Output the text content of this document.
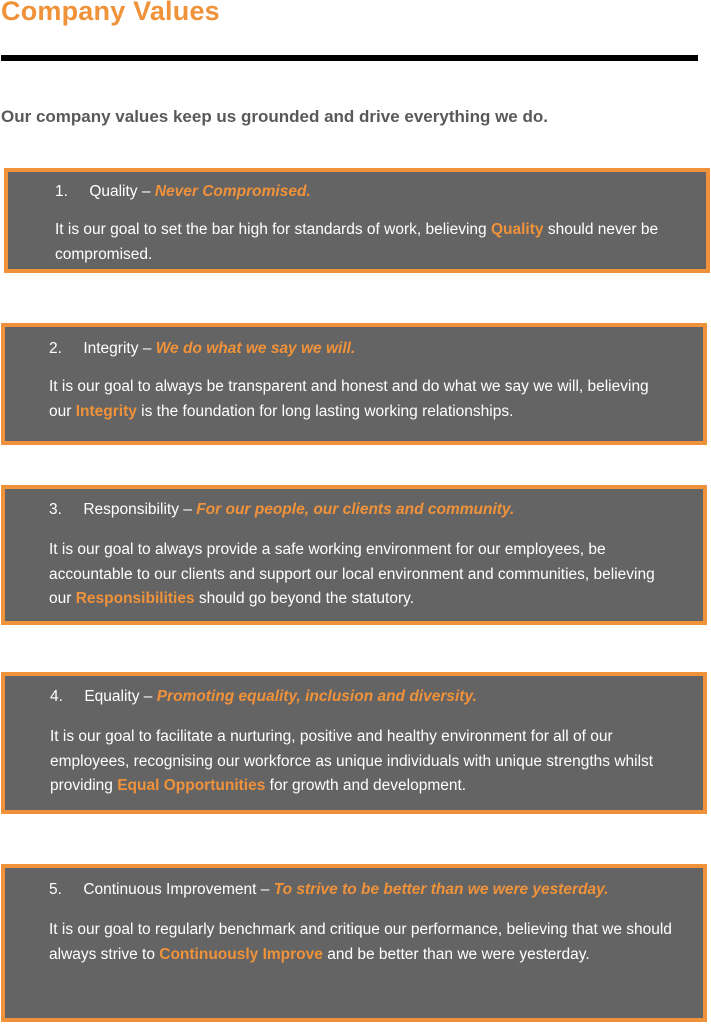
Company Values
Our company values keep us grounded and drive everything we do.
1. Quality – Never Compromised.
It is our goal to set the bar high for standards of work, believing Quality should never be compromised.
2. Integrity – We do what we say we will.
It is our goal to always be transparent and honest and do what we say we will, believing our Integrity is the foundation for long lasting working relationships.
3. Responsibility – For our people, our clients and community.
It is our goal to always provide a safe working environment for our employees, be accountable to our clients and support our local environment and communities, believing our Responsibilities should go beyond the statutory.
4. Equality – Promoting equality, inclusion and diversity.
It is our goal to facilitate a nurturing, positive and healthy environment for all of our employees, recognising our workforce as unique individuals with unique strengths whilst providing Equal Opportunities for growth and development.
5. Continuous Improvement – To strive to be better than we were yesterday.
It is our goal to regularly benchmark and critique our performance, believing that we should always strive to Continuously Improve and be better than we were yesterday.
